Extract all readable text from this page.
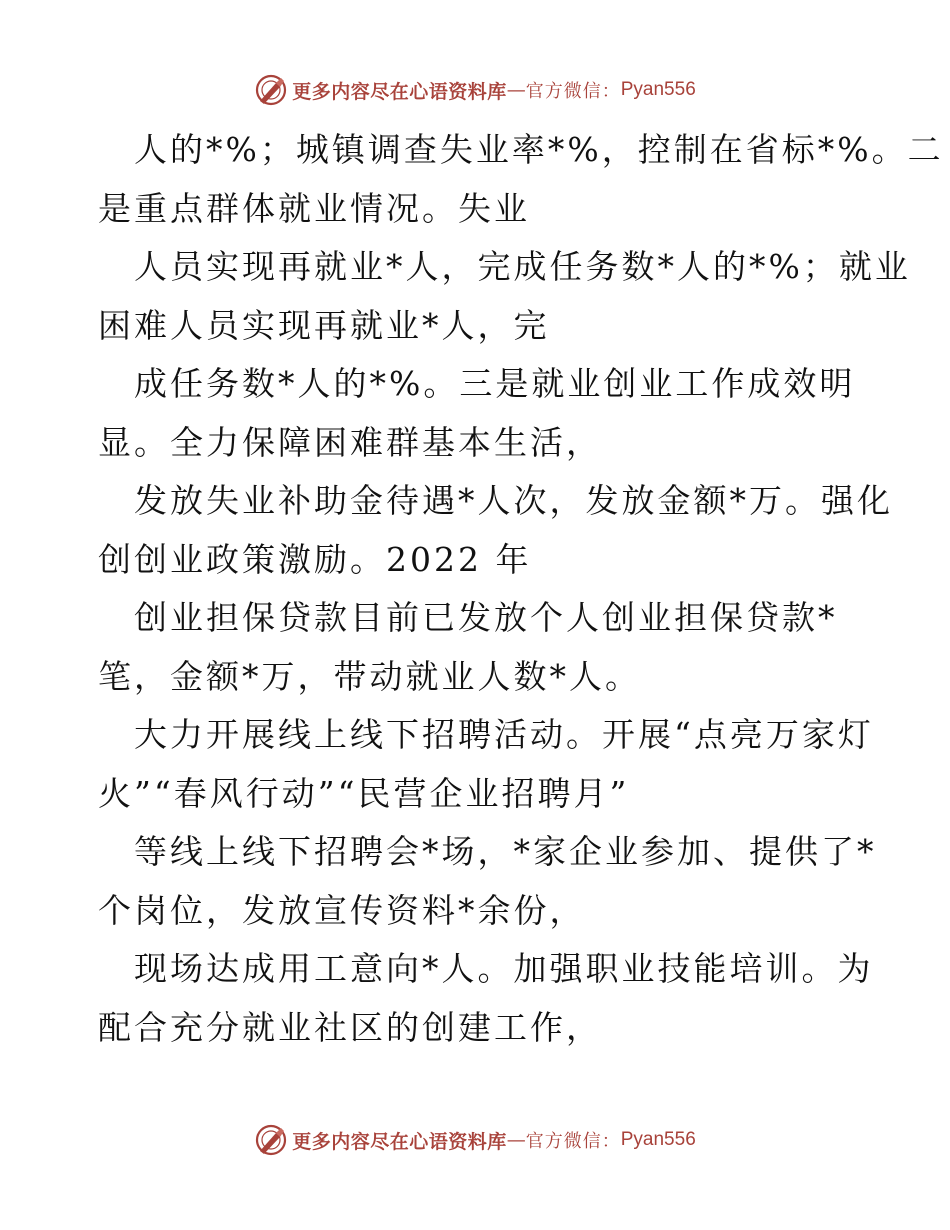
更多内容尽在心语资料库 — 官方微信： Pyan556
人的*%；城镇调查失业率*%，控制在省标*%。二
是重点群体就业情况。失业
人员实现再就业*人，完成任务数*人的*%；就业
困难人员实现再就业*人，完
成任务数*人的*%。三是就业创业工作成效明
显。全力保障困难群基本生活，
发放失业补助金待遇*人次，发放金额*万。强化
创创业政策激励。2022 年
创业担保贷款目前已发放个人创业担保贷款*
笔，金额*万，带动就业人数*人。
大力开展线上线下招聘活动。开展“点亮万家灯
火”“春风行动”“民营企业招聘月”
等线上线下招聘会*场，*家企业参加、提供了*
个岗位，发放宣传资料*余份，
现场达成用工意向*人。加强职业技能培训。为
配合充分就业社区的创建工作，
更多内容尽在心语资料库 — 官方微信： Pyan556
